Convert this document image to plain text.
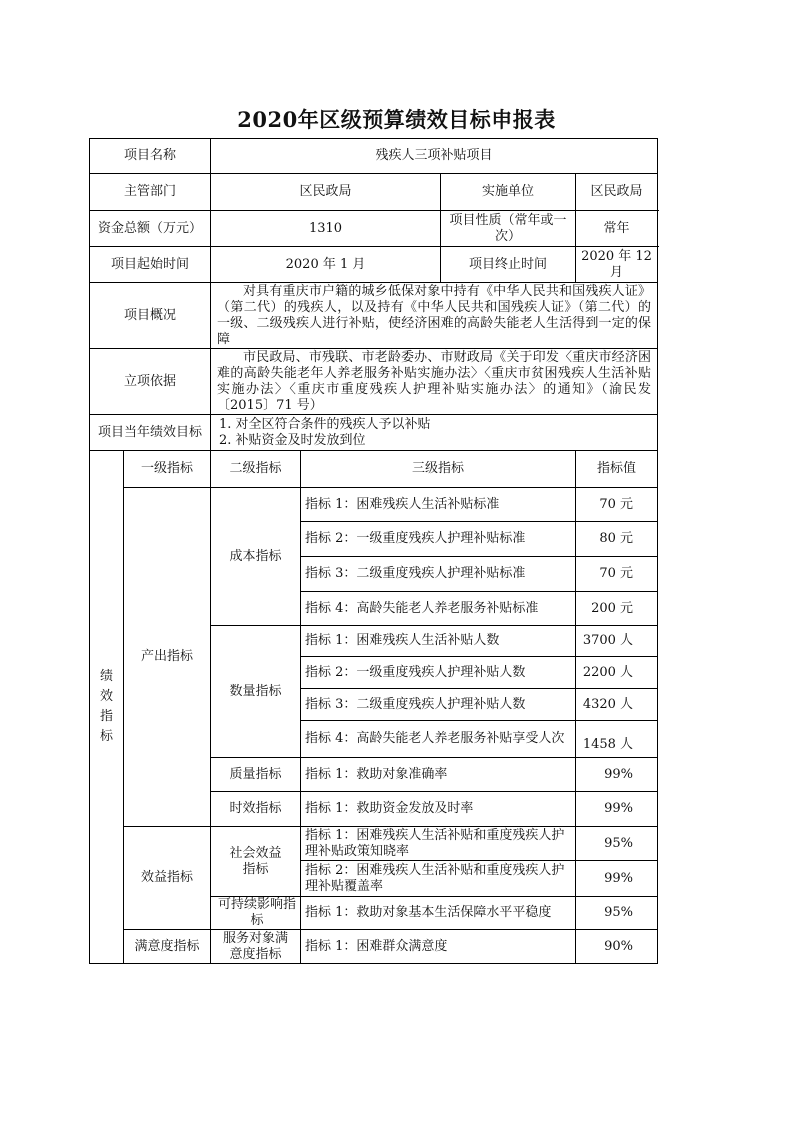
2020年区级预算绩效目标申报表
项目名称		残疾人三项补贴项目			
主管部门		区民政局		实施单位	区民政局
资金总额（万元）		1310		项目性质（常年或一次）	常年
项目起始时间		2020 年 1 月		项目终止时间	2020 年 12 月
项目概况		对具有重庆市户籍的城乡低保对象中持有《中华人民共和国残疾人证》（第二代）的残疾人，以及持有《中华人民共和国残疾人证》（第二代）的一级、二级残疾人进行补贴，使经济困难的高龄失能老人生活得到一定的保障			
立项依据		市民政局、市残联、市老龄委办、市财政局《关于印发〈重庆市经济困难的高龄失能老年人养老服务补贴实施办法〉〈重庆市贫困残疾人生活补贴实施办法〉〈重庆市重度残疾人护理补贴实施办法〉的通知》（渝民发〔2015〕71 号）			
项目当年绩效目标		1. 对全区符合条件的残疾人予以补贴
2. 补贴资金及时发放到位			

绩效指标	一级指标	二级指标	三级指标		指标值
	产出指标	成本指标	指标 1：困难残疾人生活补贴标准		70 元
			指标 2：一级重度残疾人护理补贴标准		80 元
			指标 3：二级重度残疾人护理补贴标准		70 元
			指标 4：高龄失能老人养老服务补贴标准		200 元
		数量指标	指标 1：困难残疾人生活补贴人数		3700 人
			指标 2：一级重度残疾人护理补贴人数		2200 人
			指标 3：二级重度残疾人护理补贴人数		4320 人
			指标 4：高龄失能老人养老服务补贴享受人次		1458 人
		质量指标	指标 1：救助对象准确率		99%
		时效指标	指标 1：救助资金发放及时率		99%
	效益指标	社会效益指标	指标 1：困难残疾人生活补贴和重度残疾人护理补贴政策知晓率		95%
			指标 2：困难残疾人生活补贴和重度残疾人护理补贴覆盖率		99%

		可持续影响指标	指标 1：救助对象基本生活保障水平平稳度		95%
	满意度指标	服务对象满意度指标	指标 1：困难群众满意度		90%
